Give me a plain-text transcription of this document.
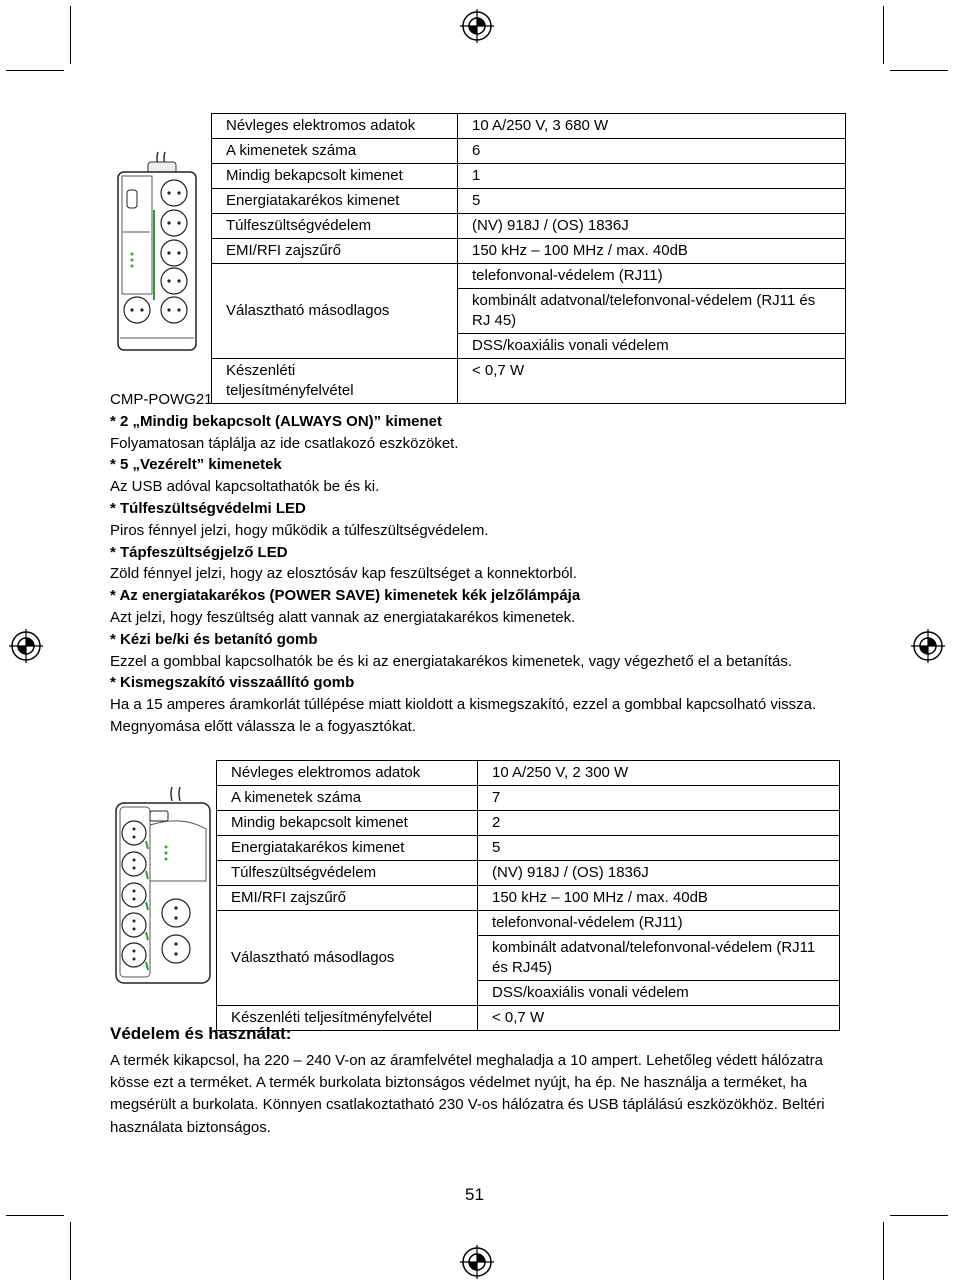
Névleges elektromos adatok	10 A/250 V, 3 680 W
A kimenetek száma	6
Mindig bekapcsolt kimenet	1
Energiatakarékos kimenet	5
Túlfeszültségvédelem	(NV) 918J / (OS) 1836J
EMI/RFI zajszűrő	150 kHz – 100 MHz / max. 40dB
Választható másodlagos	telefonvonal-védelem (RJ11)
	kombinált adatvonal/telefonvonal-védelem (RJ11 és RJ 45)
	DSS/koaxiális vonali védelem
Készenléti teljesítményfelvétel	< 0,7 W

CMP-POWG21

* 2 „Mindig bekapcsolt (ALWAYS ON)” kimenet

Folyamatosan táplálja az ide csatlakozó eszközöket.

* 5 „Vezérelt” kimenetek

Az USB adóval kapcsoltathatók be és ki.

* Túlfeszültségvédelmi LED

Piros fénnyel jelzi, hogy működik a túlfeszültségvédelem.

* Tápfeszültségjelző LED

Zöld fénnyel jelzi, hogy az elosztósáv kap feszültséget a konnektorból.

* Az energiatakarékos (POWER SAVE) kimenetek kék jelzőlámpája

Azt jelzi, hogy feszültség alatt vannak az energiatakarékos kimenetek.

* Kézi be/ki és betanító gomb

Ezzel a gombbal kapcsolhatók be és ki az energiatakarékos kimenetek, vagy végezhető el a betanítás.

* Kismegszakító visszaállító gomb

Ha a 15 amperes áramkorlát túllépése miatt kioldott a kismegszakító, ezzel a gombbal kapcsolható vissza. Megnyomása előtt válassza le a fogyasztókat.

Névleges elektromos adatok	10 A/250 V, 2 300 W
A kimenetek száma	7
Mindig bekapcsolt kimenet	2
Energiatakarékos kimenet	5
Túlfeszültségvédelem	(NV) 918J / (OS) 1836J
EMI/RFI zajszűrő	150 kHz – 100 MHz / max. 40dB
Választható másodlagos	telefonvonal-védelem (RJ11)
	kombinált adatvonal/telefonvonal-védelem (RJ11 és RJ45)
	DSS/koaxiális vonali védelem
Készenléti teljesítményfelvétel	< 0,7 W
Védelem és használat:
A termék kikapcsol, ha 220 – 240 V-on az áramfelvétel meghaladja a 10 ampert. Lehetőleg védett hálózatra kösse ezt a terméket. A termék burkolata biztonságos védelmet nyújt, ha ép. Ne használja a terméket, ha megsérült a burkolata. Könnyen csatlakoztatható 230 V-os hálózatra és USB táplálású eszközökhöz. Beltéri használata biztonságos.
51
